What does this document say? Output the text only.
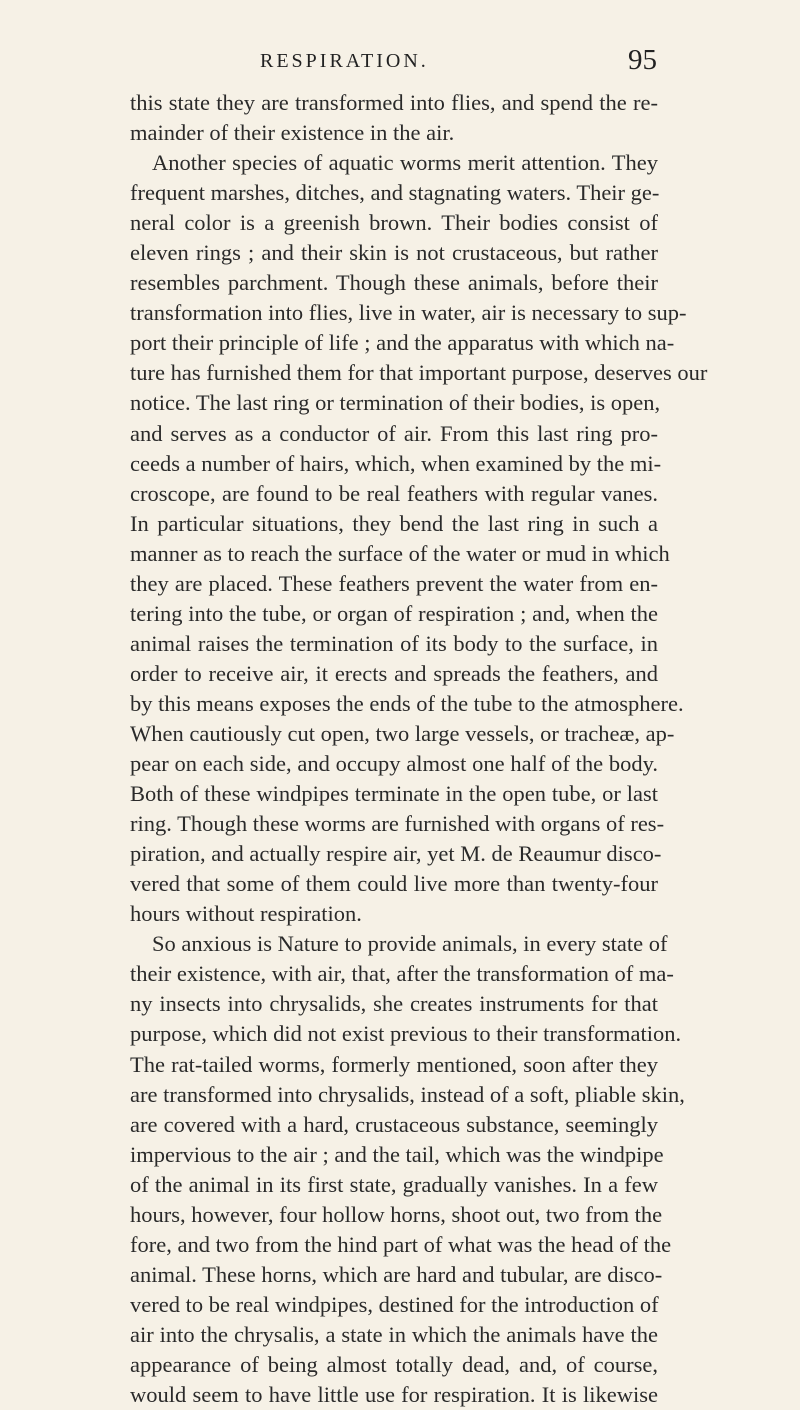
RESPIRATION.	95
this state they are transformed into flies, and spend the re-
mainder of their existence in the air.
Another species of aquatic worms merit attention. They
frequent marshes, ditches, and stagnating waters. Their ge-
neral color is a greenish brown. Their bodies consist of
eleven rings ; and their skin is not crustaceous, but rather
resembles parchment. Though these animals, before their
transformation into flies, live in water, air is necessary to sup-
port their principle of life ; and the apparatus with which na-
ture has furnished them for that important purpose, deserves our
notice. The last ring or termination of their bodies, is open,
and serves as a conductor of air. From this last ring pro-
ceeds a number of hairs, which, when examined by the mi-
croscope, are found to be real feathers with regular vanes.
In particular situations, they bend the last ring in such a
manner as to reach the surface of the water or mud in which
they are placed. These feathers prevent the water from en-
tering into the tube, or organ of respiration ; and, when the
animal raises the termination of its body to the surface, in
order to receive air, it erects and spreads the feathers, and
by this means exposes the ends of the tube to the atmosphere.
When cautiously cut open, two large vessels, or tracheæ, ap-
pear on each side, and occupy almost one half of the body.
Both of these windpipes terminate in the open tube, or last
ring. Though these worms are furnished with organs of res-
piration, and actually respire air, yet M. de Reaumur disco-
vered that some of them could live more than twenty-four
hours without respiration.
So anxious is Nature to provide animals, in every state of
their existence, with air, that, after the transformation of ma-
ny insects into chrysalids, she creates instruments for that
purpose, which did not exist previous to their transformation.
The rat-tailed worms, formerly mentioned, soon after they
are transformed into chrysalids, instead of a soft, pliable skin,
are covered with a hard, crustaceous substance, seemingly
impervious to the air ; and the tail, which was the windpipe
of the animal in its first state, gradually vanishes. In a few
hours, however, four hollow horns, shoot out, two from the
fore, and two from the hind part of what was the head of the
animal. These horns, which are hard and tubular, are disco-
vered to be real windpipes, destined for the introduction of
air into the chrysalis, a state in which the animals have the
appearance of being almost totally dead, and, of course,
would seem to have little use for respiration. It is likewise
